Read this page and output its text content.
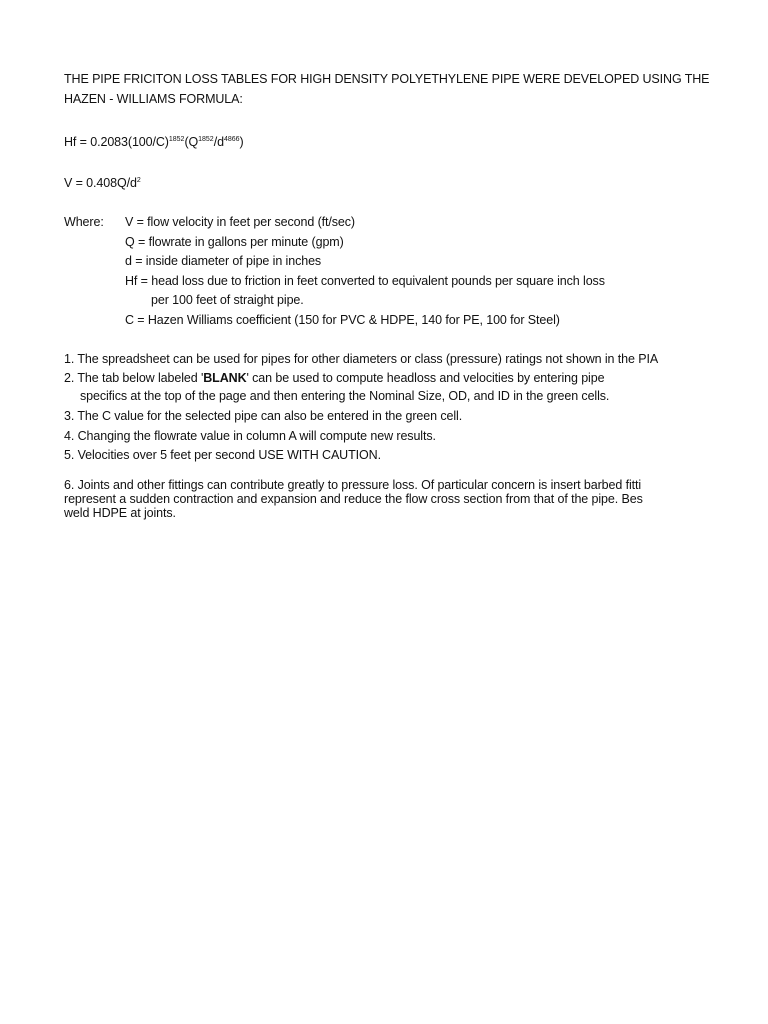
THE PIPE FRICITON LOSS TABLES FOR HIGH DENSITY POLYETHYLENE PIPE WERE DEVELOPED USING THE
HAZEN - WILLIAMS FORMULA:
$Hf = 0.2083(100/C)^{1852}(Q^{1852}/d^{4866})$
$V = 0.408Q/d^2$
Where: V = flow velocity in feet per second (ft/sec)
Q = flowrate in gallons per minute (gpm)
d = inside diameter of pipe in inches
Hf = head loss due to friction in feet converted to equivalent pounds per square inch loss
per 100 feet of straight pipe.
C = Hazen Williams coefficient (150 for PVC & HDPE, 140 for PE, 100 for Steel)
1. The spreadsheet can be used for pipes for other diameters or class (pressure) ratings not shown in the PIA
2. The tab below labeled 'BLANK' can be used to compute headloss and velocities by entering pipe
specifics at the top of the page and then entering the Nominal Size, OD, and ID in the green cells.
3. The C value for the selected pipe can also be entered in the green cell.
4. Changing the flowrate value in column A will compute new results.
5. Velocities over 5 feet per second USE WITH CAUTION.
6. Joints and other fittings can contribute greatly to pressure loss. Of particular concern is insert barbed fitti
represent a sudden contraction and expansion and reduce the flow cross section from that of the pipe. Bes
weld HDPE at joints.
